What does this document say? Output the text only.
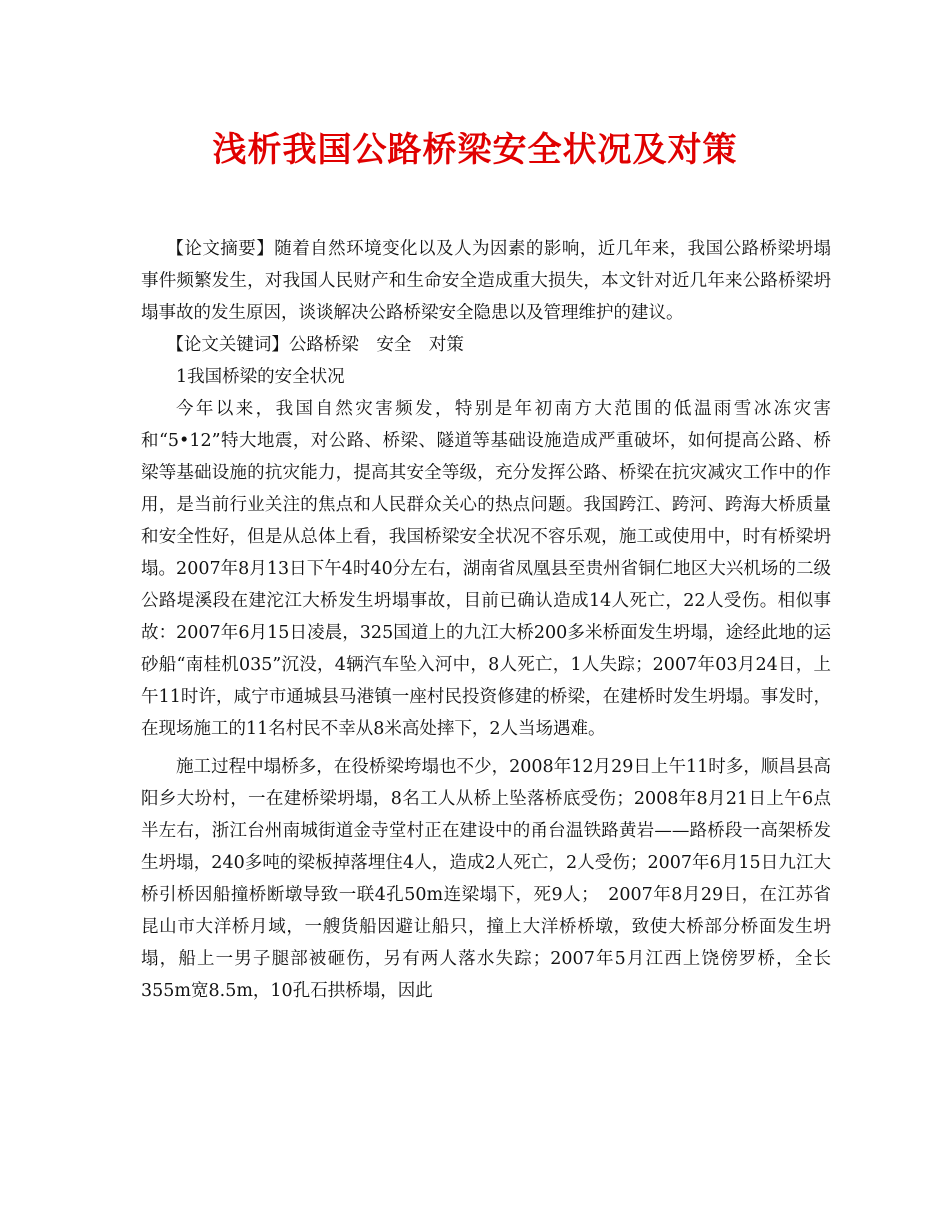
浅析我国公路桥梁安全状况及对策

【论文摘要】随着自然环境变化以及人为因素的影响，近几年来，我国公路桥梁坍塌事件频繁发生，对我国人民财产和生命安全造成重大损失，本文针对近几年来公路桥梁坍塌事故的发生原因，谈谈解决公路桥梁安全隐患以及管理维护的建议。

【论文关键词】公路桥梁　安全　对策

1我国桥梁的安全状况

今年以来，我国自然灾害频发，特别是年初南方大范围的低温雨雪冰冻灾害和“5•12”特大地震，对公路、桥梁、隧道等基础设施造成严重破坏，如何提高公路、桥梁等基础设施的抗灾能力，提高其安全等级，充分发挥公路、桥梁在抗灾减灾工作中的作用，是当前行业关注的焦点和人民群众关心的热点问题。我国跨江、跨河、跨海大桥质量和安全性好，但是从总体上看，我国桥梁安全状况不容乐观，施工或使用中，时有桥梁坍塌。2007年8月13日下午4时40分左右，湖南省凤凰县至贵州省铜仁地区大兴机场的二级公路堤溪段在建沱江大桥发生坍塌事故，目前已确认造成14人死亡，22人受伤。相似事故：2007年6月15日凌晨，325国道上的九江大桥200多米桥面发生坍塌，途经此地的运砂船“南桂机035”沉没，4辆汽车坠入河中，8人死亡，1人失踪；2007年03月24日，上午11时许，咸宁市通城县马港镇一座村民投资修建的桥梁，在建桥时发生坍塌。事发时，在现场施工的11名村民不幸从8米高处摔下，2人当场遇难。

施工过程中塌桥多，在役桥梁垮塌也不少，2008年12月29日上午11时多，顺昌县高阳乡大坋村，一在建桥梁坍塌，8名工人从桥上坠落桥底受伤；2008年8月21日上午6点半左右，浙江台州南城街道金寺堂村正在建设中的甬台温铁路黄岩——路桥段一高架桥发生坍塌，240多吨的梁板掉落埋住4人，造成2人死亡，2人受伤；2007年6月15日九江大桥引桥因船撞桥断墩导致一联4孔50m连梁塌下，死9人；　2007年8月29日，在江苏省昆山市大洋桥月域，一艘货船因避让船只，撞上大洋桥桥墩，致使大桥部分桥面发生坍塌，船上一男子腿部被砸伤，另有两人落水失踪；2007年5月江西上饶傍罗桥，全长355m宽8.5m，10孔石拱桥塌，因此
